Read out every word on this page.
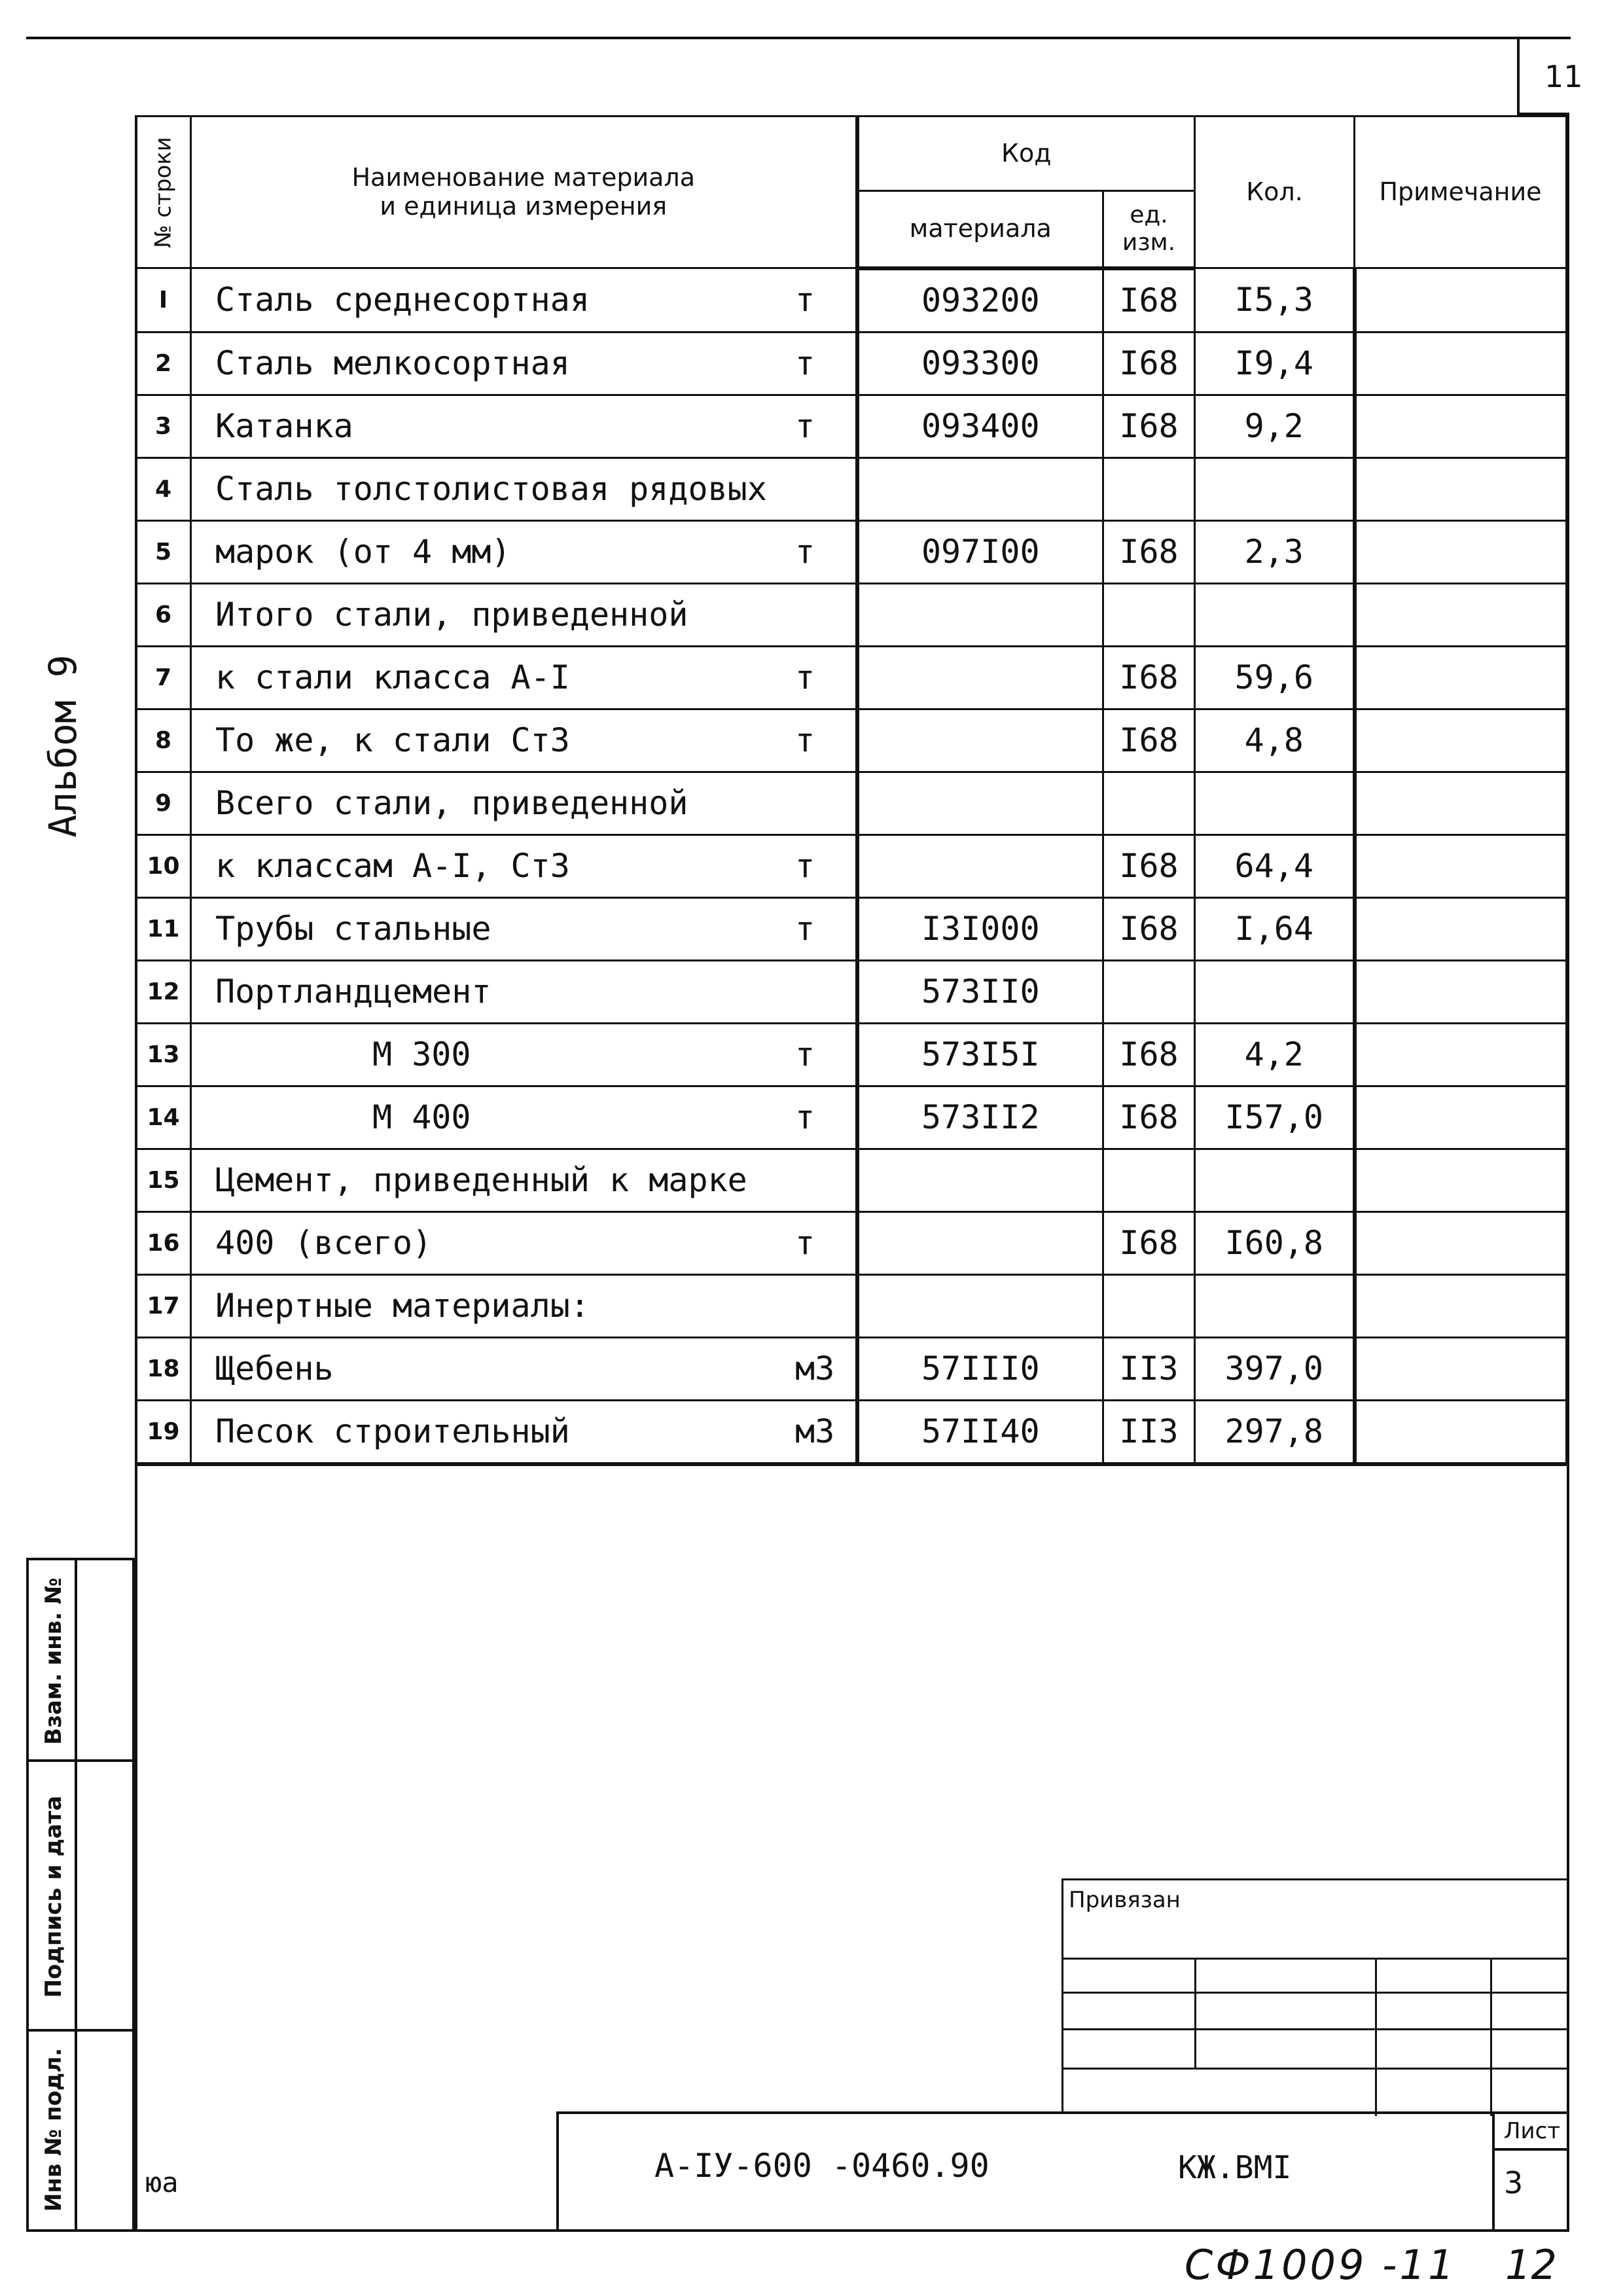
11
Альбом 9
№ строки	Наименование материала
и единица измерения	Код		Кол.	Примечание
		материала	ед.
изм.		
I	Сталь среднесортная т	093200	I68	I5,3	
2	Сталь мелкосортная т	093300	I68	I9,4	
3	Катанка т	093400	I68	9,2	
4	Сталь толстолистовая рядовых

5	марок (от 4 мм) т	097I00	I68	2,3	
6	Итого стали, приведенной

7	к стали класса А-I т		I68	59,6	
8	То же, к стали Ст3 т		I68	4,8	
9	Всего стали, приведенной

10	к классам А-I, Ст3 т		I68	64,4	
11	Трубы стальные т	I3I000	I68	I,64	
12	Портландцемент	573II0			
13	М 300 т	573I5I	I68	4,2	
14	М 400 т	573II2	I68	I57,0	
15	Цемент, приведенный к марке

16	400 (всего) т		I68	I60,8	
17	Инертные материалы:

18	Щебень м3	57III0	II3	397,0	
19	Песок строительный м3	57II40	II3	297,8	
Взам. инв. №
Подпись и дата
Инв № подл.	юа
Привязан
А-IУ-600 -0460.90	КЖ.ВМI
Лист
3
СФ1009 -11 12
